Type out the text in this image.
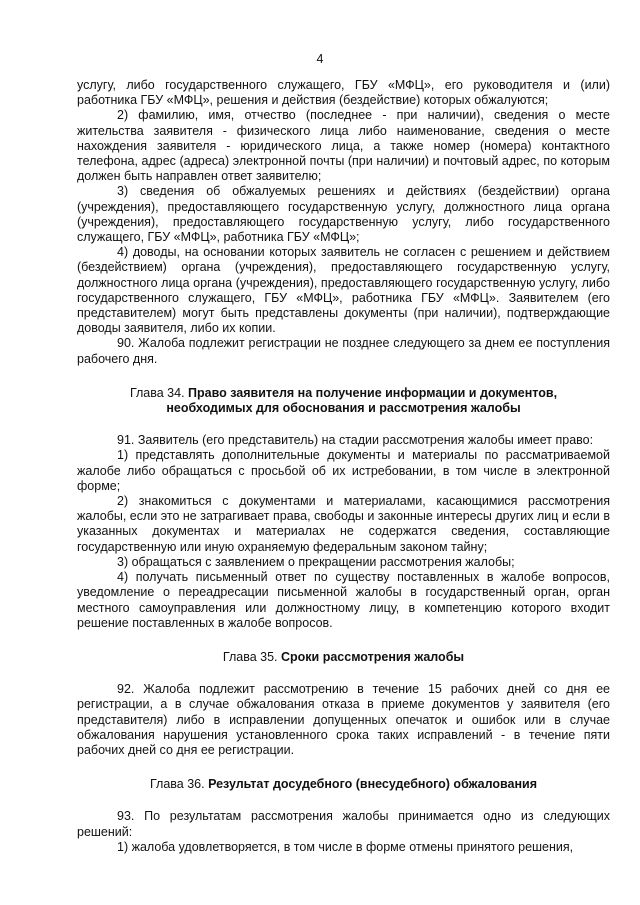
4

услугу, либо государственного служащего, ГБУ «МФЦ», его руководителя и (или) работника ГБУ «МФЦ», решения и действия (бездействие) которых обжалуются;

2) фамилию, имя, отчество (последнее - при наличии), сведения о месте жительства заявителя - физического лица либо наименование, сведения о месте нахождения заявителя - юридического лица, а также номер (номера) контактного телефона, адрес (адреса) электронной почты (при наличии) и почтовый адрес, по которым должен быть направлен ответ заявителю;

3) сведения об обжалуемых решениях и действиях (бездействии) органа (учреждения), предоставляющего государственную услугу, должностного лица органа (учреждения), предоставляющего государственную услугу, либо государственного служащего, ГБУ «МФЦ», работника ГБУ «МФЦ»;

4) доводы, на основании которых заявитель не согласен с решением и действием (бездействием) органа (учреждения), предоставляющего государственную услугу, должностного лица органа (учреждения), предоставляющего государственную услугу, либо государственного служащего, ГБУ «МФЦ», работника ГБУ «МФЦ». Заявителем (его представителем) могут быть представлены документы (при наличии), подтверждающие доводы заявителя, либо их копии.

90. Жалоба подлежит регистрации не позднее следующего за днем ее поступления рабочего дня.

Глава 34. Право заявителя на получение информации и документов,
необходимых для обоснования и рассмотрения жалобы

91. Заявитель (его представитель) на стадии рассмотрения жалобы имеет право:

1) представлять дополнительные документы и материалы по рассматриваемой жалобе либо обращаться с просьбой об их истребовании, в том числе в электронной форме;

2) знакомиться с документами и материалами, касающимися рассмотрения жалобы, если это не затрагивает права, свободы и законные интересы других лиц и если в указанных документах и материалах не содержатся сведения, составляющие государственную или иную охраняемую федеральным законом тайну;

3) обращаться с заявлением о прекращении рассмотрения жалобы;

4) получать письменный ответ по существу поставленных в жалобе вопросов, уведомление о переадресации письменной жалобы в государственный орган, орган местного самоуправления или должностному лицу, в компетенцию которого входит решение поставленных в жалобе вопросов.

Глава 35. Сроки рассмотрения жалобы

92. Жалоба подлежит рассмотрению в течение 15 рабочих дней со дня ее регистрации, а в случае обжалования отказа в приеме документов у заявителя (его представителя) либо в исправлении допущенных опечаток и ошибок или в случае обжалования нарушения установленного срока таких исправлений - в течение пяти рабочих дней со дня ее регистрации.

Глава 36. Результат досудебного (внесудебного) обжалования

93. По результатам рассмотрения жалобы принимается одно из следующих решений:

1) жалоба удовлетворяется, в том числе в форме отмены принятого решения,
